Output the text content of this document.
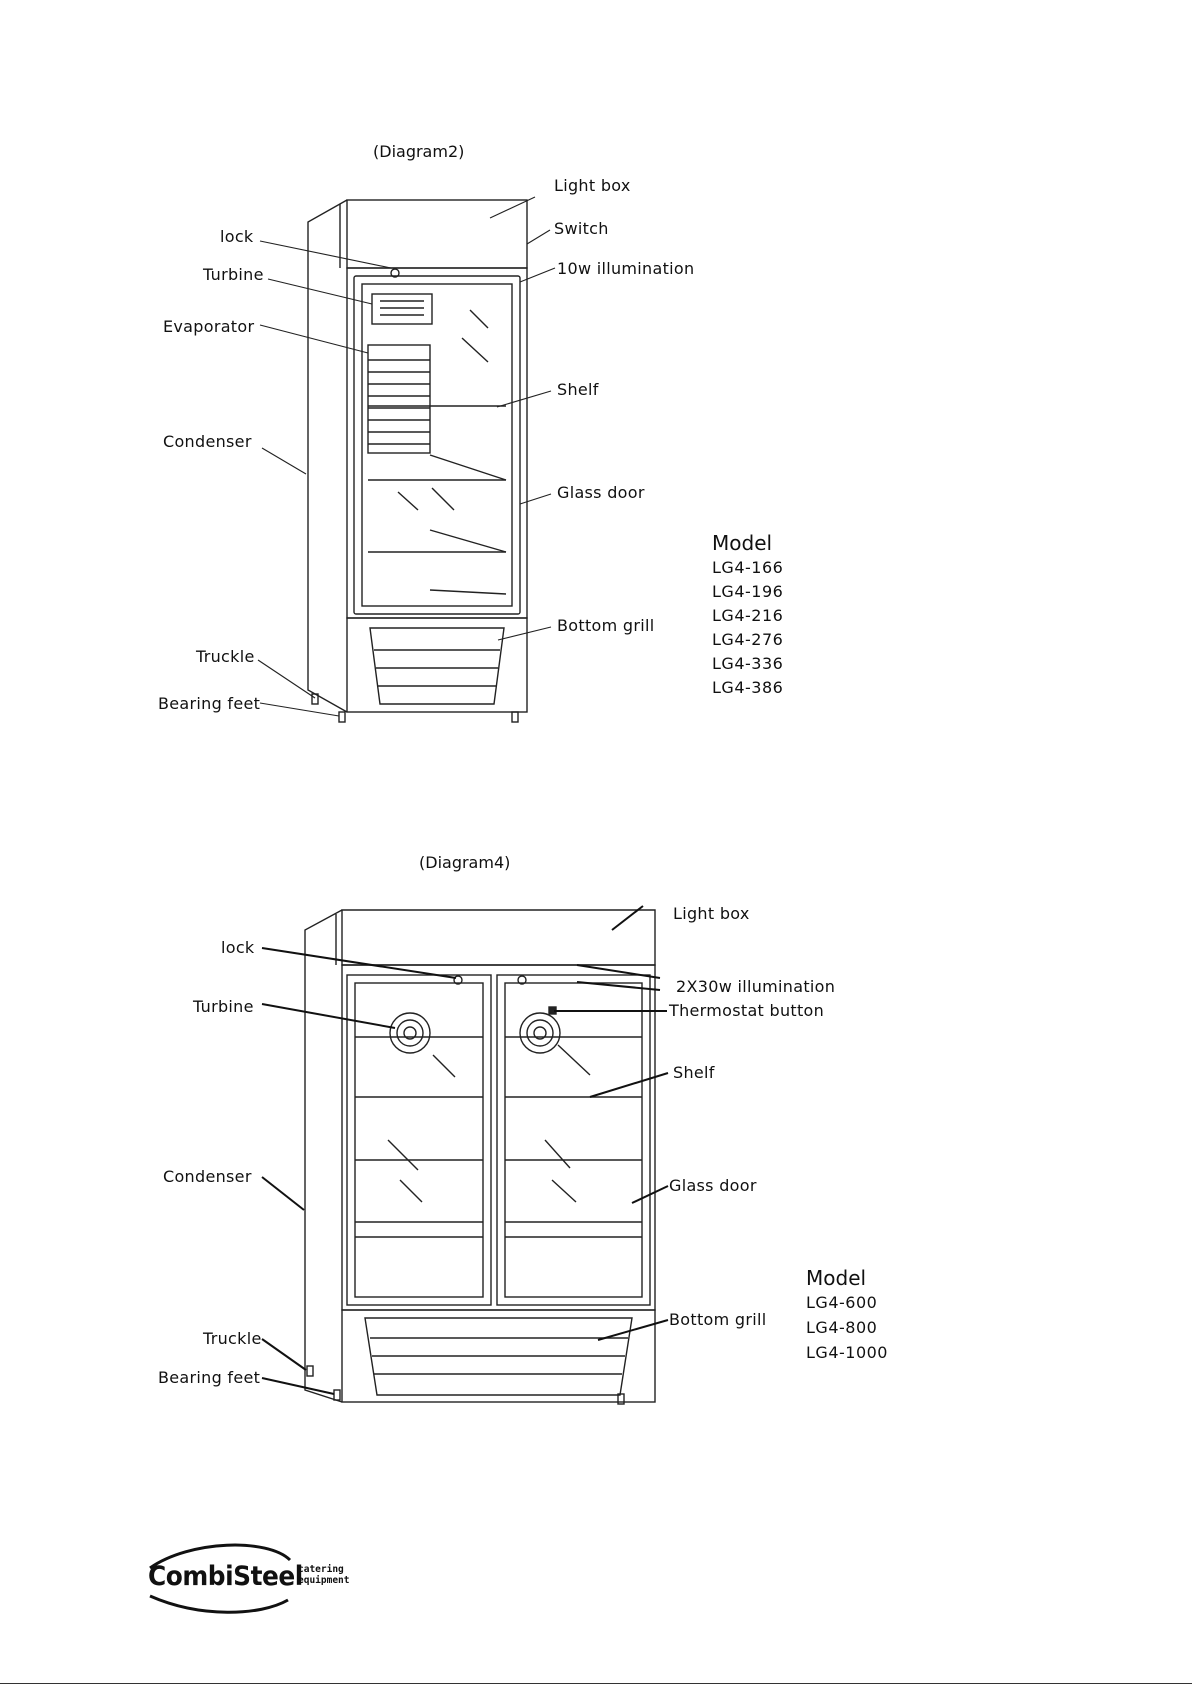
(Diagram2)
Light box
Switch
10w illumination
lock
Turbine
Evaporator
Shelf
Condenser
Glass door
Bottom grill
Truckle
Bearing feet
Model
LG4-166
LG4-196
LG4-216
LG4-276
LG4-336
LG4-386
(Diagram4)
Light box
lock
2X30w illumination
Turbine	Thermostat button
Shelf
Condenser	Glass door
Bottom grill
Truckle
Bearing feet
Model
LG4-600
LG4-800
LG4-1000
CombiSteel
catering
equipment
